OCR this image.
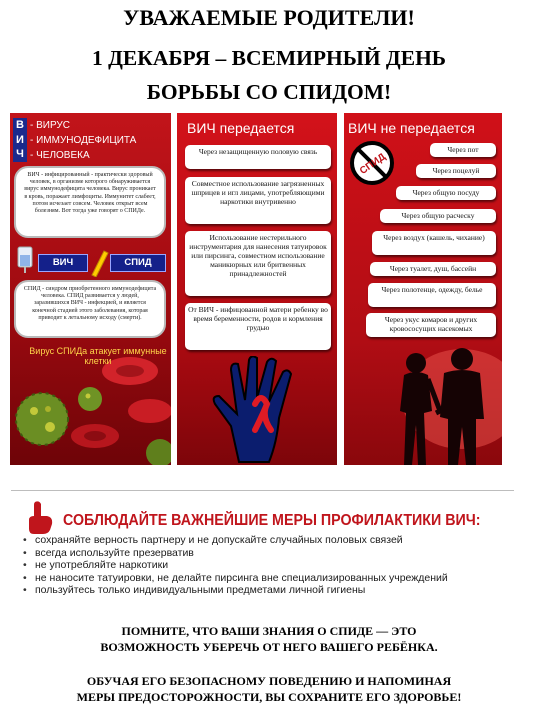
УВАЖАЕМЫЕ РОДИТЕЛИ!
1 ДЕКАБРЯ – ВСЕМИРНЫЙ ДЕНЬ
БОРЬБЫ СО СПИДОМ!
В
И
Ч
- ВИРУС
- ИММУНОДЕФИЦИТА
- ЧЕЛОВЕКА
ВИЧ - инфицированный - практически здоровый человек, в организме которого обнаруживается вирус иммунодефицита человека. Вирус проникает в кровь, поражает лимфоциты. Иммунитет слабеет, потом исчезает совсем. Человек открыт всем болезням. Вот тогда уже говорят о СПИДе.
ВИЧ	СПИД
СПИД - синдром приобретенного иммунодефицита человека. СПИД развивается у людей, заразившихся ВИЧ - инфекцией, и является конечной стадией этого заболевания, которая приводит к летальному исходу (смерти).
Вирус СПИДа атакует иммунные клетки
ВИЧ передается
Через незащищенную половую связь
Совместное использование загрязненных шприцев и игл лицами, употребляющими наркотики внутривенно
Использование нестерильного инструментария для нанесения татуировок или пирсинга, совместном использование маникюрных или бритвенных принадлежностей
От ВИЧ - инфицованной матери ребенку во время беременности, родов и кормления грудью
ВИЧ не передается
СПИД
Через пот
Через поцелуй
Через общую посуду
Через общую расческу
Через воздух (кашель, чихание)
Через туалет, душ, бассейн
Через полотенце, одежду, белье
Через укус комаров и других кровососущих насекомых
СОБЛЮДАЙТЕ ВАЖНЕЙШИЕ МЕРЫ ПРОФИЛАКТИКИ ВИЧ:
• сохраняйте верность партнеру и не допускайте случайных половых связей
• всегда используйте презерватив
• не употребляйте наркотики
• не наносите татуировки, не делайте пирсинга вне специализированных учреждений
• пользуйтесь только индивидуальными предметами личной гигиены
ПОМНИТЕ, ЧТО ВАШИ ЗНАНИЯ О СПИДЕ — ЭТО
ВОЗМОЖНОСТЬ УБЕРЕЧЬ ОТ НЕГО ВАШЕГО РЕБЁНКА.
ОБУЧАЯ ЕГО БЕЗОПАСНОМУ ПОВЕДЕНИЮ И НАПОМИНАЯ
МЕРЫ ПРЕДОСТОРОЖНОСТИ, ВЫ СОХРАНИТЕ ЕГО ЗДОРОВЬЕ!
